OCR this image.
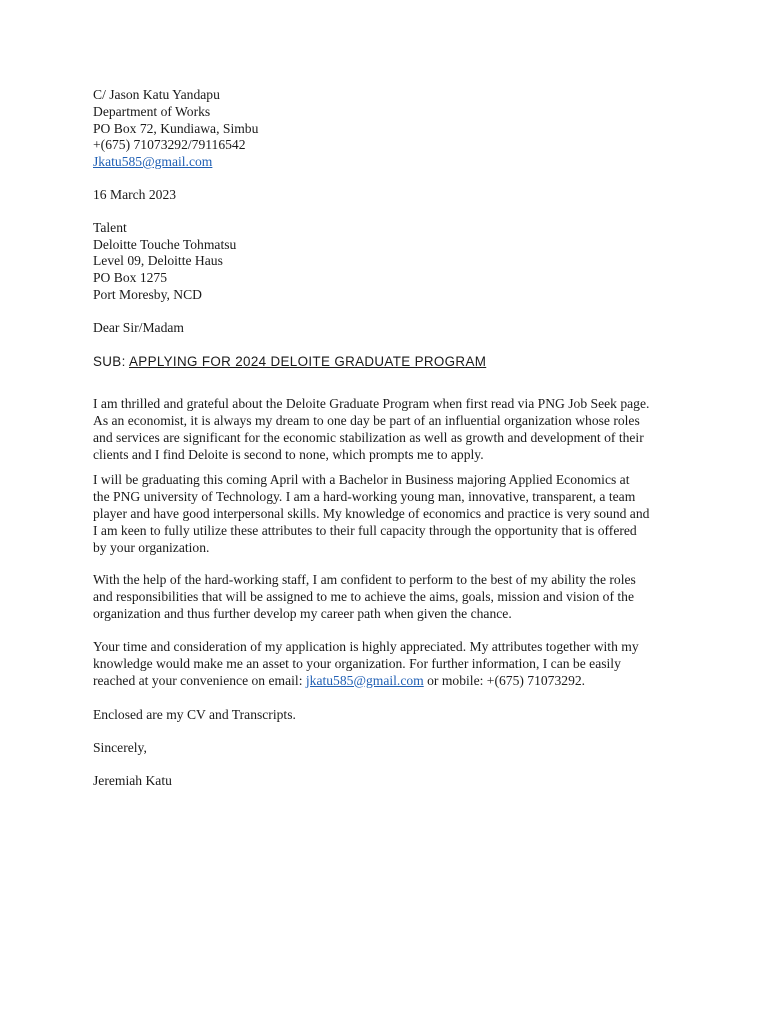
C/ Jason Katu Yandapu
Department of Works
PO Box 72, Kundiawa, Simbu
+(675) 71073292/79116542
Jkatu585@gmail.com
16 March 2023
Talent
Deloitte Touche Tohmatsu
Level 09, Deloitte Haus
PO Box 1275
Port Moresby, NCD
Dear Sir/Madam
SUB: APPLYING FOR 2024 DELOITE GRADUATE PROGRAM
I am thrilled and grateful about the Deloite Graduate Program when first read via PNG Job Seek page.
As an economist, it is always my dream to one day be part of an influential organization whose roles
and services are significant for the economic stabilization as well as growth and development of their
clients and I find Deloite is second to none, which prompts me to apply.
I will be graduating this coming April with a Bachelor in Business majoring Applied Economics at
the PNG university of Technology. I am a hard-working young man, innovative, transparent, a team
player and have good interpersonal skills. My knowledge of economics and practice is very sound and
I am keen to fully utilize these attributes to their full capacity through the opportunity that is offered
by your organization.
With the help of the hard-working staff, I am confident to perform to the best of my ability the roles
and responsibilities that will be assigned to me to achieve the aims, goals, mission and vision of the
organization and thus further develop my career path when given the chance.
Your time and consideration of my application is highly appreciated. My attributes together with my
knowledge would make me an asset to your organization. For further information, I can be easily
reached at your convenience on email: jkatu585@gmail.com or mobile: +(675) 71073292.
Enclosed are my CV and Transcripts.
Sincerely,
Jeremiah Katu
